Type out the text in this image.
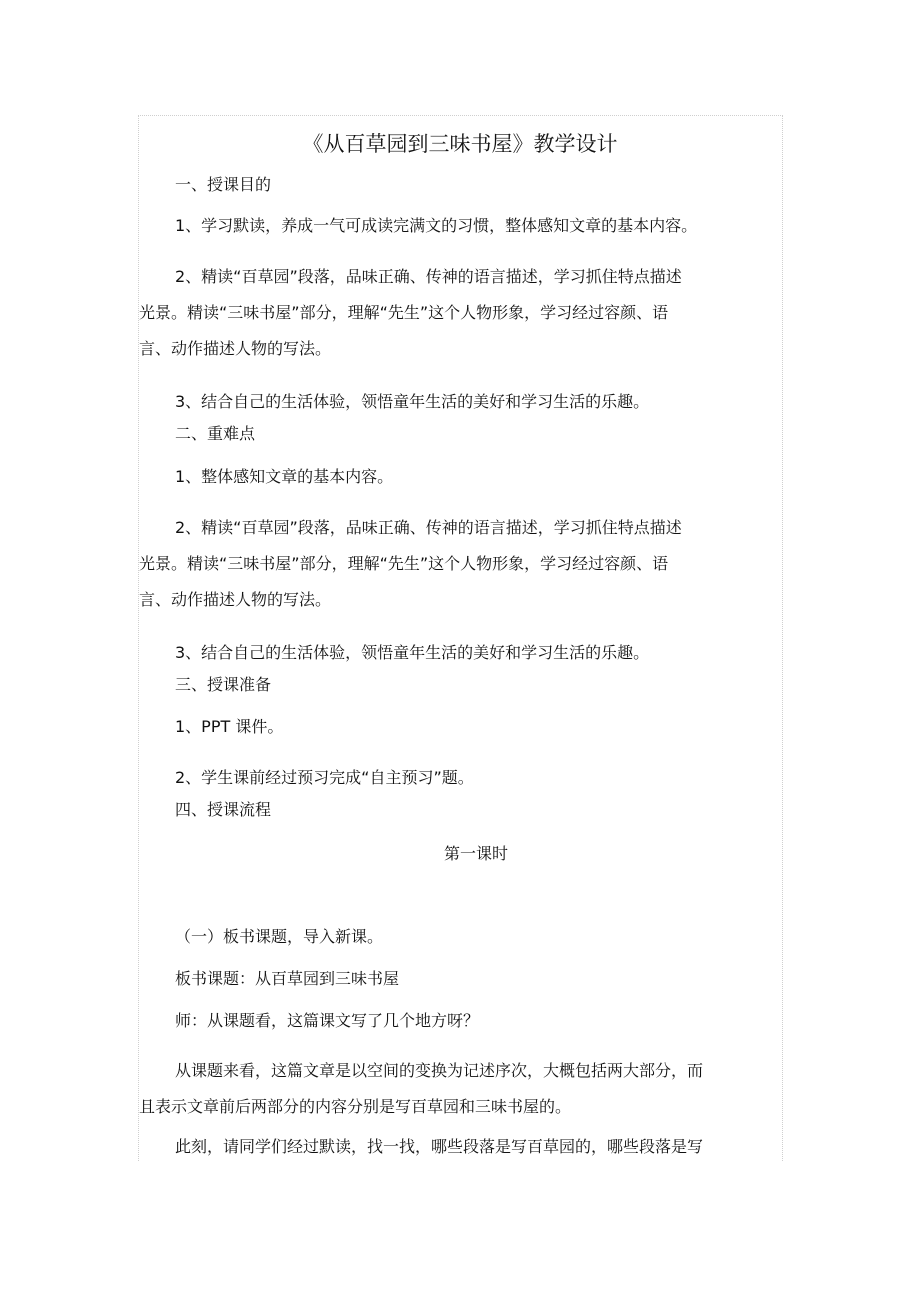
《从百草园到三味书屋》教学设计
一、授课目的
1、学习默读，养成一气可成读完满文的习惯，整体感知文章的基本内容。
2、精读“百草园”段落，品味正确、传神的语言描述，学习抓住特点描述
光景。精读“三味书屋”部分，理解“先生”这个人物形象，学习经过容颜、语
言、动作描述人物的写法。
3、结合自己的生活体验，领悟童年生活的美好和学习生活的乐趣。
二、重难点
1、整体感知文章的基本内容。
2、精读“百草园”段落，品味正确、传神的语言描述，学习抓住特点描述
光景。精读“三味书屋”部分，理解“先生”这个人物形象，学习经过容颜、语
言、动作描述人物的写法。
3、结合自己的生活体验，领悟童年生活的美好和学习生活的乐趣。
三、授课准备
1、PPT 课件。
2、学生课前经过预习完成“自主预习”题。
四、授课流程
第一课时
（一）板书课题，导入新课。
板书课题：从百草园到三味书屋
师：从课题看，这篇课文写了几个地方呀？
从课题来看，这篇文章是以空间的变换为记述序次，大概包括两大部分，而
且表示文章前后两部分的内容分别是写百草园和三味书屋的。
此刻，请同学们经过默读，找一找，哪些段落是写百草园的，哪些段落是写
